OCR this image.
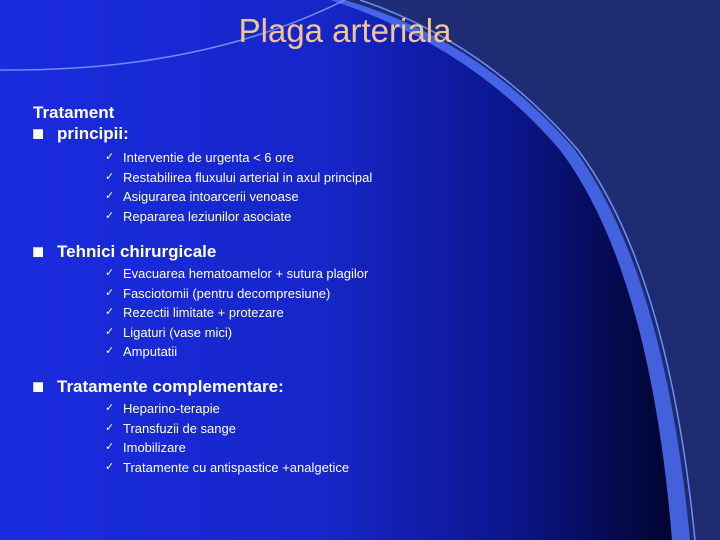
Plaga arteriala
Tratament
principii:
✓ Interventie de urgenta < 6 ore
✓ Restabilirea fluxului arterial in axul principal
✓ Asigurarea intoarcerii venoase
✓ Repararea leziunilor asociate
Tehnici chirurgicale
✓ Evacuarea hematoamelor + sutura plagilor
✓ Fasciotomii (pentru decompresiune)
✓ Rezectii limitate + protezare
✓ Ligaturi (vase mici)
✓ Amputatii
Tratamente complementare:
✓ Heparino-terapie
✓ Transfuzii de sange
✓ Imobilizare
✓ Tratamente cu antispastice +analgetice
